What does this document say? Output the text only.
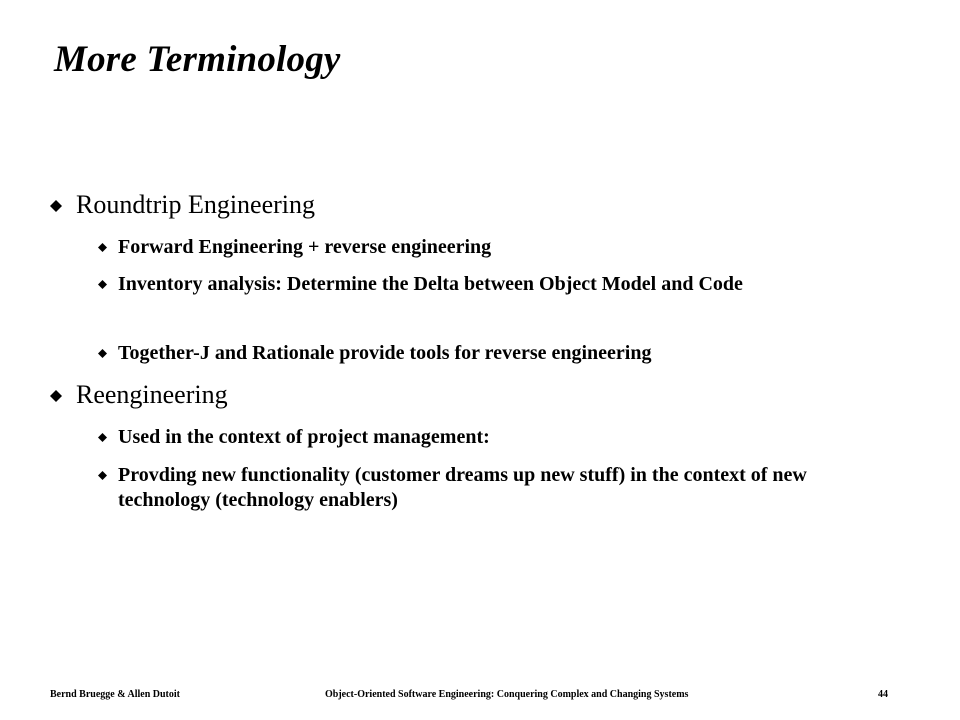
More Terminology
Roundtrip Engineering
Forward Engineering + reverse engineering
Inventory analysis: Determine the Delta between Object Model and Code
Together-J and Rationale provide tools for reverse engineering
Reengineering
Used in the context of project management:
Provding new functionality (customer dreams up new stuff) in the context of new technology (technology enablers)
Bernd Bruegge & Allen Dutoit	Object-Oriented Software Engineering: Conquering Complex and Changing Systems	44
